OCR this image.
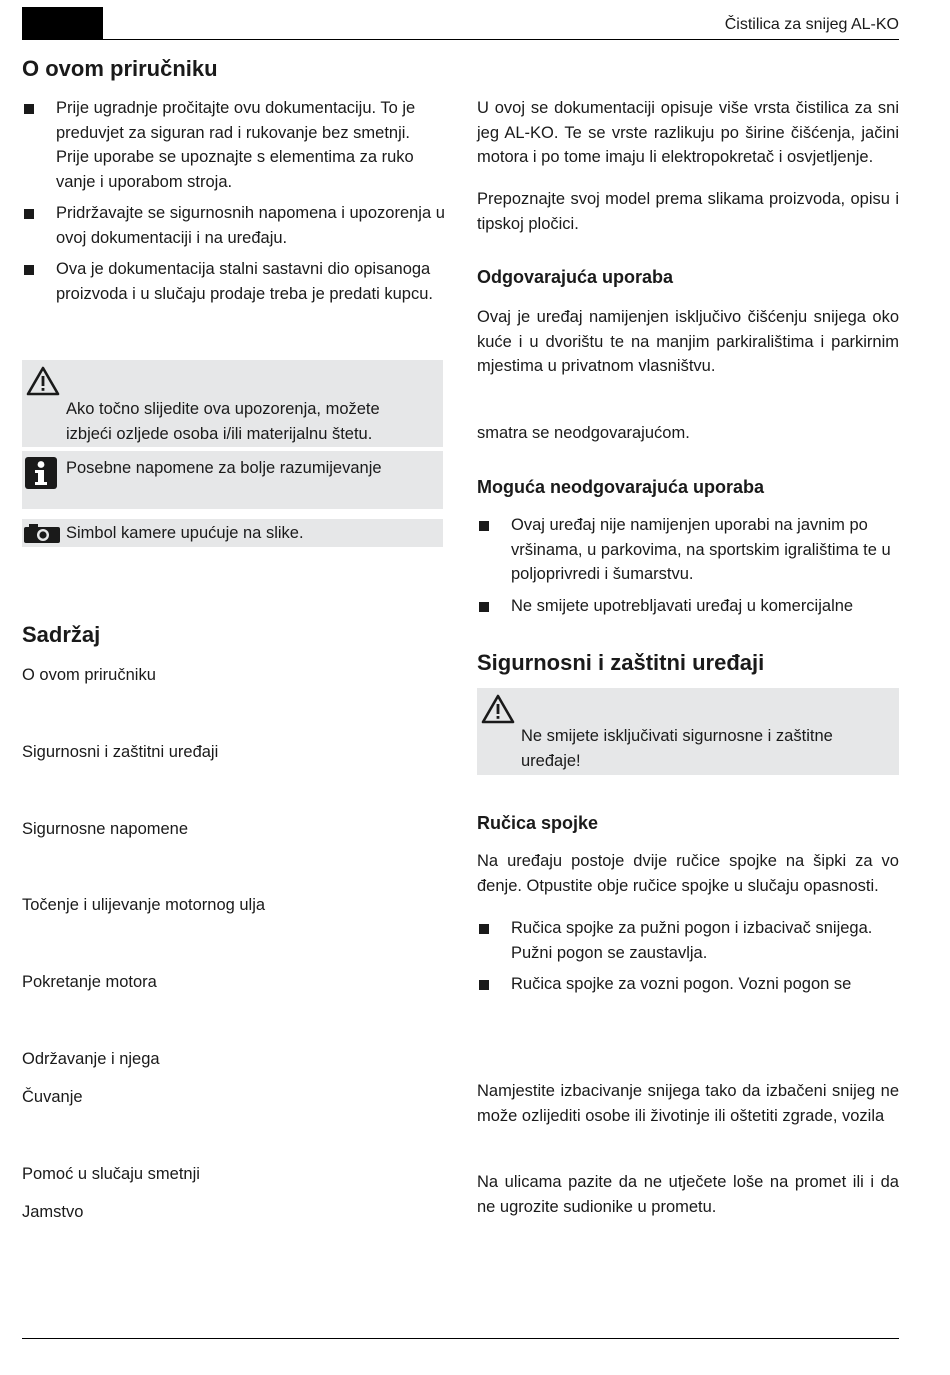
Čistilica za snijeg AL-KO
O ovom priručniku
Prije ugradnje pročitajte ovu dokumentaciju. To je preduvjet za siguran rad i rukovanje bez smetnji. Prije uporabe se upoznajte s elementima za ruko vanje i uporabom stroja.
Pridržavajte se sigurnosnih napomena i upozorenja u ovoj dokumentaciji i na uređaju.
Ova je dokumentacija stalni sastavni dio opisanoga proizvoda i u slučaju prodaje treba je predati kupcu.
Ako točno slijedite ova upozorenja, možete izbjeći ozljede osoba i/ili materijalnu štetu.
Posebne napomene za bolje razumijevanje
Simbol kamere upućuje na slike.
Sadržaj
O ovom priručniku
Sigurnosni i zaštitni uređaji
Sigurnosne napomene
Točenje i ulijevanje motornog ulja
Pokretanje motora
Održavanje i njega
Čuvanje
Pomoć u slučaju smetnji
Jamstvo
U ovoj se dokumentaciji opisuje više vrsta čistilica za sni jeg AL-KO. Te se vrste razlikuju po širine čišćenja, jačini motora i po tome imaju li elektropokretač i osvjetljenje.
Prepoznajte svoj model prema slikama proizvoda, opisu i tipskoj pločici.
Odgovarajuća uporaba
Ovaj je uređaj namijenjen isključivo čišćenju snijega oko kuće i u dvorištu te na manjim parkiralištima i parkirnim mjestima u privatnom vlasništvu.
smatra se neodgovarajućom.
Moguća neodgovarajuća uporaba
Ovaj uređaj nije namijenjen uporabi na javnim po vršinama, u parkovima, na sportskim igralištima te u poljoprivredi i šumarstvu.
Ne smijete upotrebljavati uređaj u komercijalne
Sigurnosni i zaštitni uređaji
Ne smijete isključivati sigurnosne i zaštitne uređaje!
Ručica spojke
Na uređaju postoje dvije ručice spojke na šipki za vo đenje. Otpustite obje ručice spojke u slučaju opasnosti.
Ručica spojke za pužni pogon i izbacivač snijega. Pužni pogon se zaustavlja.
Ručica spojke za vozni pogon. Vozni pogon se
Namjestite izbacivanje snijega tako da izbačeni snijeg ne može ozlijediti osobe ili životinje ili oštetiti zgrade, vozila
Na ulicama pazite da ne utječete loše na promet ili i da ne ugrozite sudionike u prometu.
